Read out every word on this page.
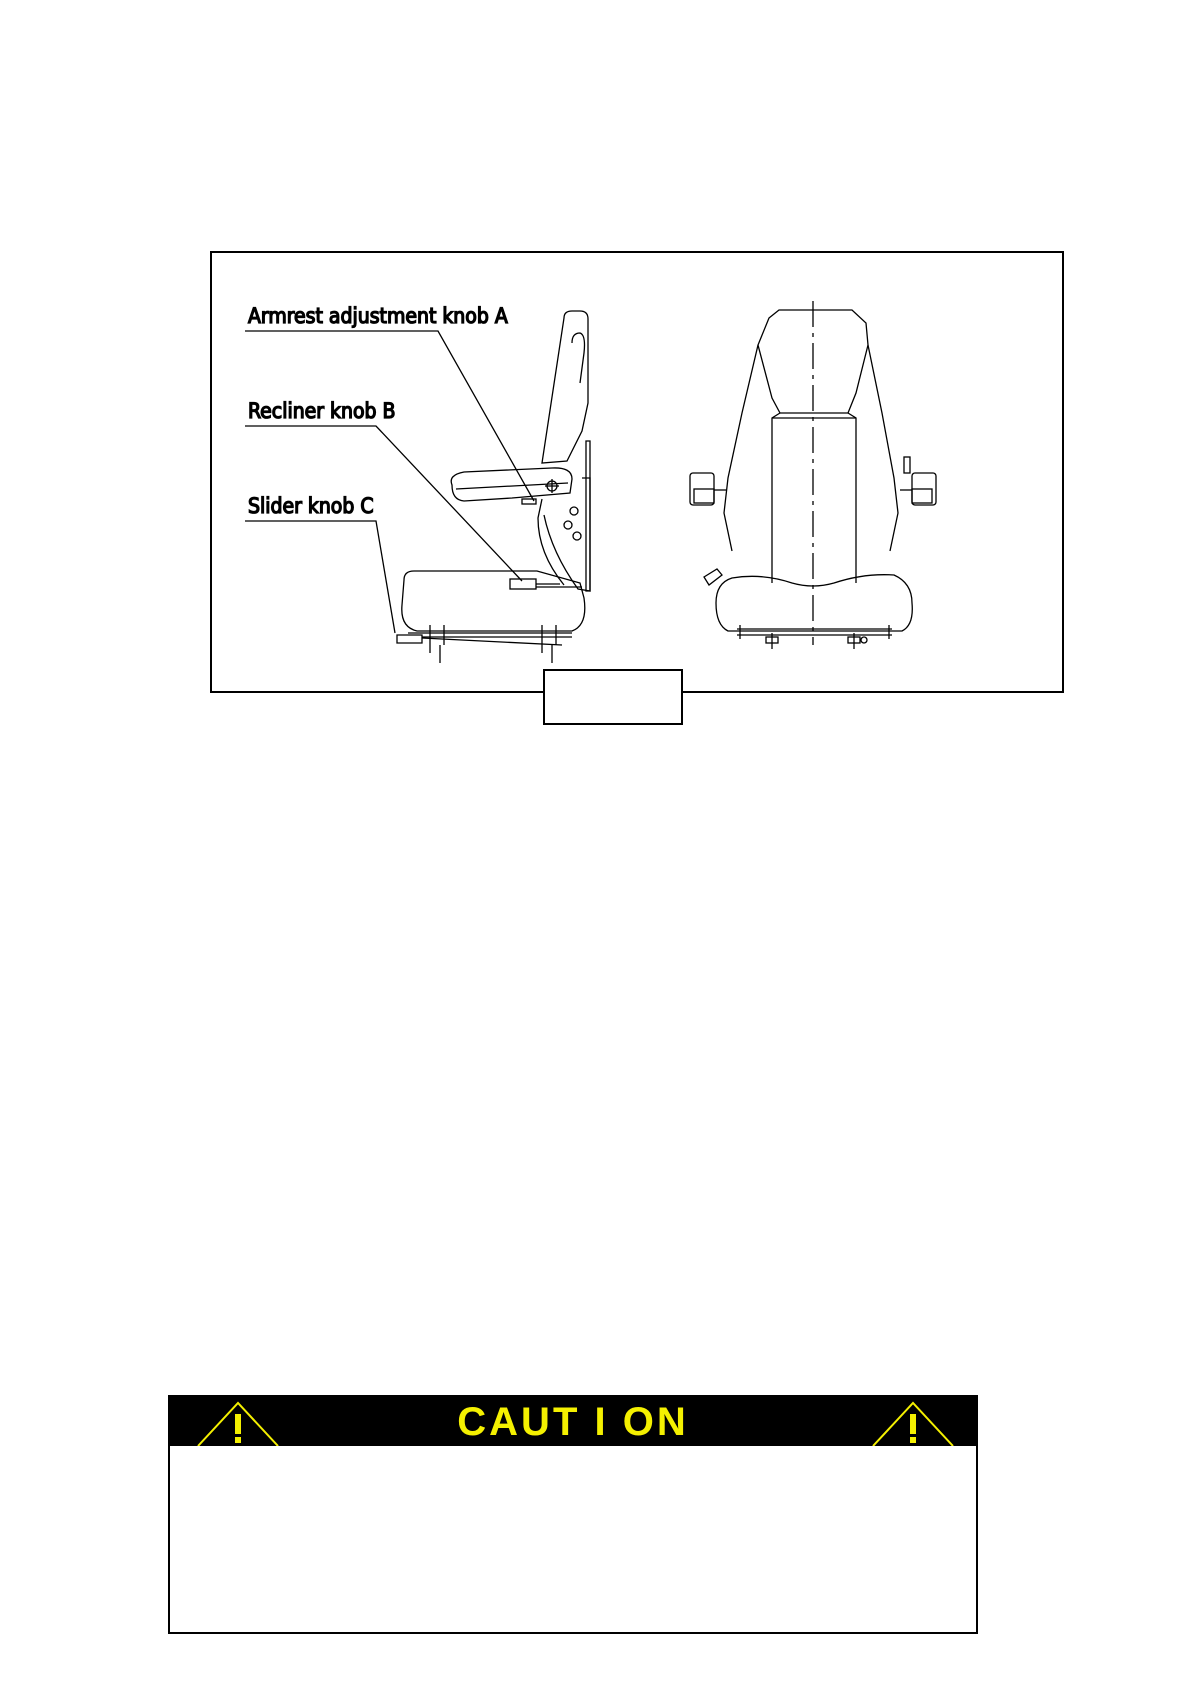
Armrest adjustment knob A
Recliner knob B
Slider knob C
CAUT I ON
